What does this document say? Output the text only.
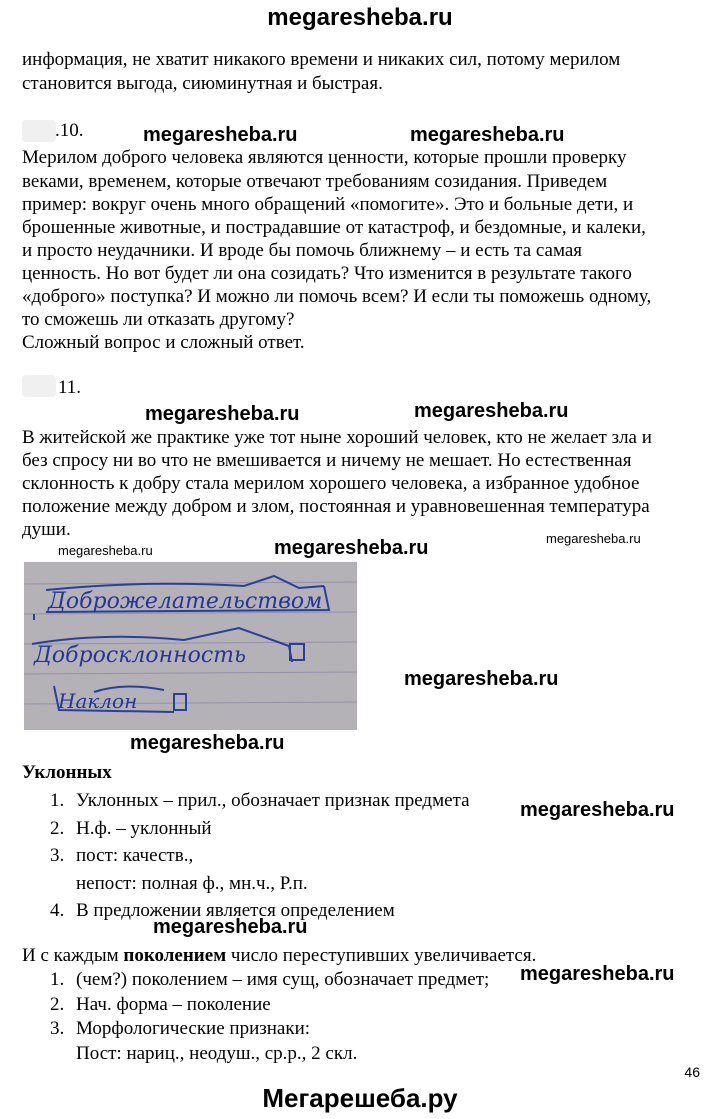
megaresheba.ru

информация, не хватит никакого времени и никаких сил, потому мерилом

становится выгода, сиюминутная и быстрая.

.10.	megaresheba.ru	megaresheba.ru

Мерилом доброго человека являются ценности, которые прошли проверку

веками, временем, которые отвечают требованиям созидания. Приведем

пример: вокруг очень много обращений «помогите». Это и больные дети, и

брошенные животные, и пострадавшие от катастроф, и бездомные, и калеки,

и просто неудачники. И вроде бы помочь ближнему – и есть та самая

ценность. Но вот будет ли она созидать? Что изменится в результате такого

«доброго» поступка? И можно ли помочь всем? И если ты поможешь одному,

то сможешь ли отказать другому?

Сложный вопрос и сложный ответ.

11.
megaresheba.ru	megaresheba.ru

В житейской же практике уже тот ныне хороший человек, кто не желает зла и

без спросу ни во что не вмешивается и ничему не мешает. Но естественная

склонность к добру стала мерилом хорошего человека, а избранное удобное

положение между добром и злом, постоянная и уравновешенная температура

души.

megaresheba.ru	megaresheba.ru	megaresheba.ru
Доброжелательством
Добросклонность
Наклон
megaresheba.ru
megaresheba.ru
Уклонных
1. Уклонных – прил., обозначает признак предмета
2. Н.ф. – уклонный
3. пост: качеств.,
непост: полная ф., мн.ч., Р.п.
4. В предложении является определением
megaresheba.ru
megaresheba.ru

И с каждым поколением число переступивших увеличивается.

1. (чем?) поколением – имя сущ, обозначает предмет;
2. Нач. форма – поколение
3. Морфологические признаки:
Пост: нариц., неодуш., ср.р., 2 скл.
megaresheba.ru
46
Мегарешеба.ру
